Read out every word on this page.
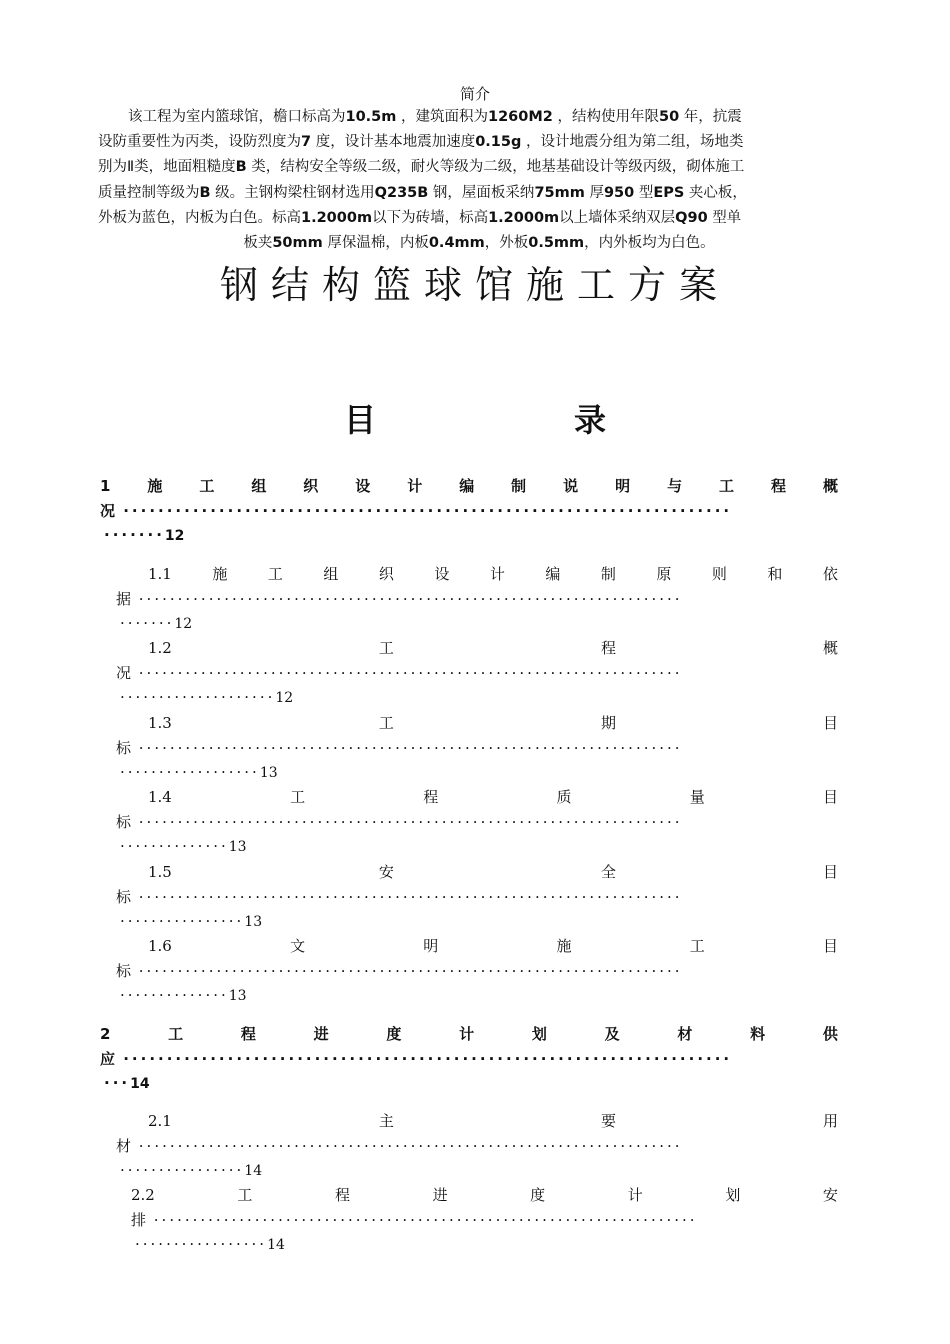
简介
该工程为室内篮球馆，檐口标高为10.5m ，建筑面积为1260M2 ，结构使用年限50 年，抗震
设防重要性为丙类，设防烈度为7 度，设计基本地震加速度0.15g ，设计地震分组为第二组，场地类
别为Ⅱ类，地面粗糙度B 类，结构安全等级二级，耐火等级为二级，地基基础设计等级丙级，砌体施工
质量控制等级为B 级。主钢构梁柱钢材选用Q235B 钢，屋面板采纳75mm 厚950 型EPS 夹心板，
外板为蓝色，内板为白色。标高1.2000m以下为砖墙，标高1.2000m以上墙体采纳双层Q90 型单
板夹50mm 厚保温棉，内板0.4mm，外板0.5mm，内外板均为白色。
钢结构篮球馆施工方案
目	录
1 施 工 组 织 设 计 编 制 说 明 与 工 程 概
况 ······································································
·······12
1.1	施	工	组	织	设	计	编	制	原	则	和	依
据 ······································································
·······12
1.2	工	程	概
况 ······································································
····················12
1.3	工	期	目
标 ······································································
··················13
1.4	工	程	质	量	目
标 ······································································
··············13
1.5	安	全	目
标 ······································································
················13
1.6	文	明	施	工	目
标 ······································································
··············13
2	工	程	进	度	计	划	及	材	料	供
应 ······································································
···14
2.1	主	要	用
材 ······································································
················14
2.2	工	程	进	度	计	划	安
排 ······································································
·················14
